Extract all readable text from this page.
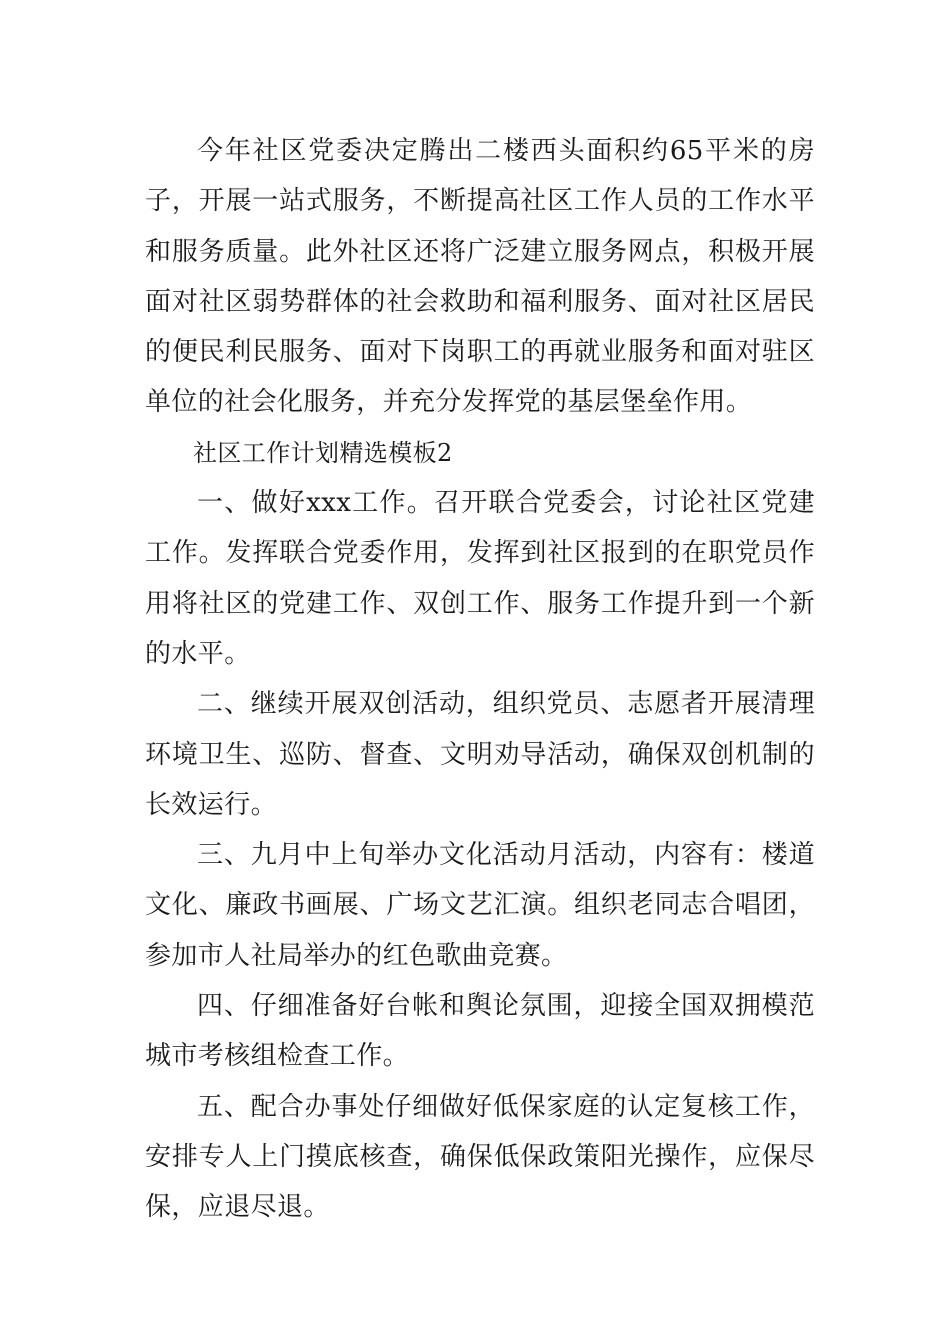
今年社区党委决定腾出二楼西头面积约65平米的房子，开展一站式服务，不断提高社区工作人员的工作水平和服务质量。此外社区还将广泛建立服务网点，积极开展面对社区弱势群体的社会救助和福利服务、面对社区居民的便民利民服务、面对下岗职工的再就业服务和面对驻区单位的社会化服务，并充分发挥党的基层堡垒作用。

社区工作计划精选模板2

一、做好xxx工作。召开联合党委会，讨论社区党建工作。发挥联合党委作用，发挥到社区报到的在职党员作用将社区的党建工作、双创工作、服务工作提升到一个新的水平。

二、继续开展双创活动，组织党员、志愿者开展清理环境卫生、巡防、督查、文明劝导活动，确保双创机制的长效运行。

三、九月中上旬举办文化活动月活动，内容有：楼道文化、廉政书画展、广场文艺汇演。组织老同志合唱团，参加市人社局举办的红色歌曲竞赛。

四、仔细准备好台帐和舆论氛围，迎接全国双拥模范城市考核组检查工作。

五、配合办事处仔细做好低保家庭的认定复核工作，安排专人上门摸底核查，确保低保政策阳光操作，应保尽保，应退尽退。
